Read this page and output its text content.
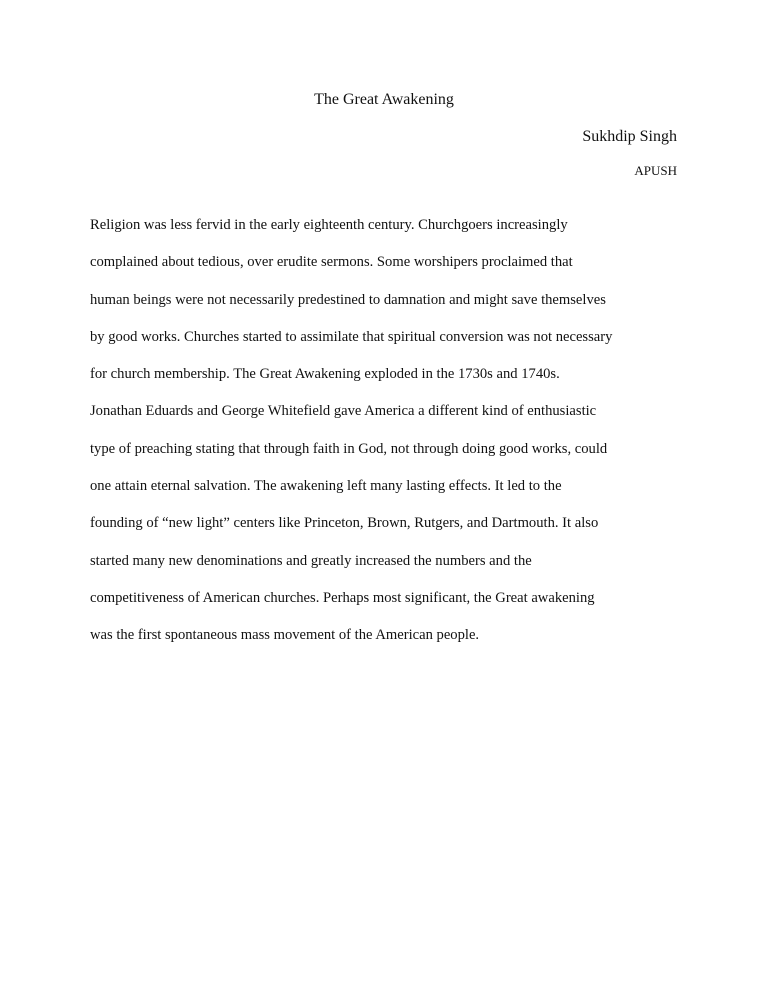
The Great Awakening
Sukhdip Singh
APUSH
Religion was less fervid in the early eighteenth century. Churchgoers increasingly
complained about tedious, over erudite sermons. Some worshipers proclaimed that
human beings were not necessarily predestined to damnation and might save themselves
by good works. Churches started to assimilate that spiritual conversion was not necessary
for church membership. The Great Awakening exploded in the 1730s and 1740s.
Jonathan Eduards and George Whitefield gave America a different kind of enthusiastic
type of preaching stating that through faith in God, not through doing good works, could
one attain eternal salvation. The awakening left many lasting effects. It led to the
founding of “new light” centers like Princeton, Brown, Rutgers, and Dartmouth. It also
started many new denominations and greatly increased the numbers and the
competitiveness of American churches. Perhaps most significant, the Great awakening
was the first spontaneous mass movement of the American people.
